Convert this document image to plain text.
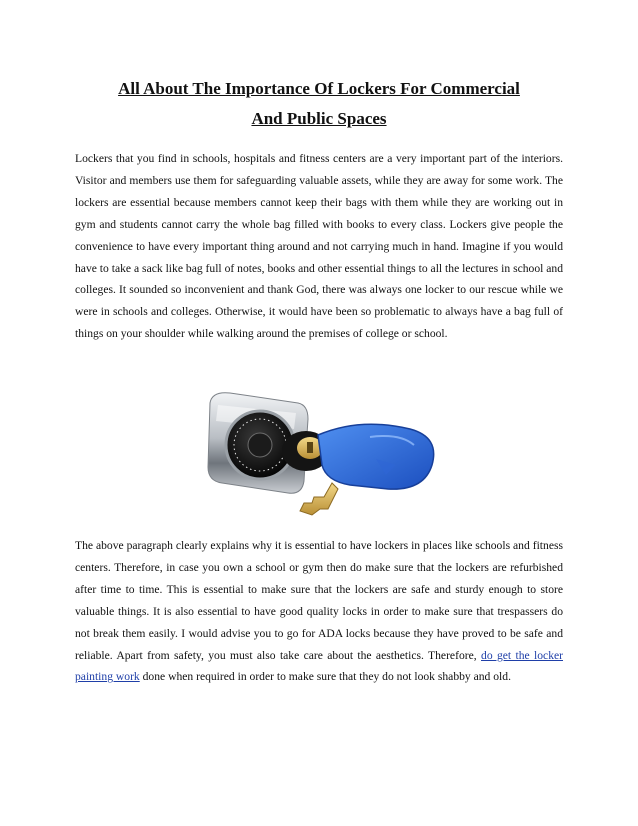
All About The Importance Of Lockers For Commercial
And Public Spaces

Lockers that you find in schools, hospitals and fitness centers are a very important part of the interiors. Visitor and members use them for safeguarding valuable assets, while they are away for some work. The lockers are essential because members cannot keep their bags with them while they are working out in gym and students cannot carry the whole bag filled with books to every class. Lockers give people the convenience to have every important thing around and not carrying much in hand. Imagine if you would have to take a sack like bag full of notes, books and other essential things to all the lectures in school and colleges. It sounded so inconvenient and thank God, there was always one locker to our rescue while we were in schools and colleges. Otherwise, it would have been so problematic to always have a bag full of things on your shoulder while walking around the premises of college or school.

The above paragraph clearly explains why it is essential to have lockers in places like schools and fitness centers. Therefore, in case you own a school or gym then do make sure that the lockers are refurbished after time to time. This is essential to make sure that the lockers are safe and sturdy enough to store valuable things. It is also essential to have good quality locks in order to make sure that trespassers do not break them easily. I would advise you to go for ADA locks because they have proved to be safe and reliable. Apart from safety, you must also take care about the aesthetics. Therefore, do get the locker painting work done when required in order to make sure that they do not look shabby and old.
